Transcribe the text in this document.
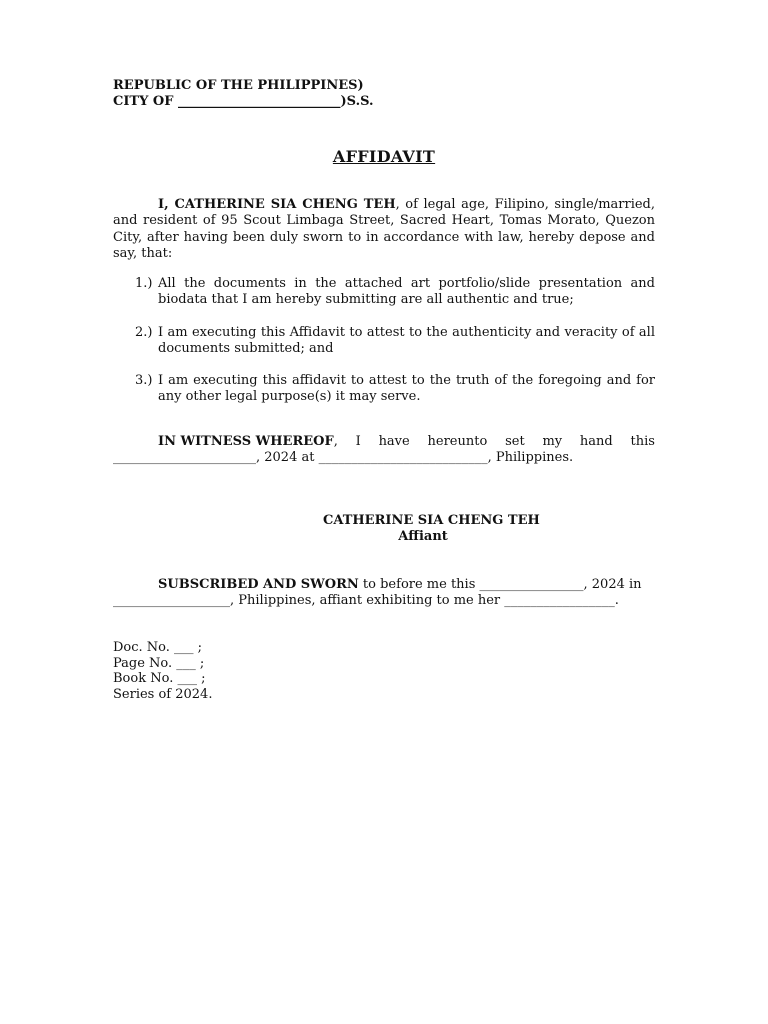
REPUBLIC OF THE PHILIPPINES)
CITY OF _________________________)S.S.
AFFIDAVIT
I, CATHERINE SIA CHENG TEH, of legal age, Filipino, single/married, and resident of 95 Scout Limbaga Street, Sacred Heart, Tomas Morato, Quezon City, after having been duly sworn to in accordance with law, hereby depose and say, that:
1.) All the documents in the attached art portfolio/slide presentation and biodata that I am hereby submitting are all authentic and true;
2.) I am executing this Affidavit to attest to the authenticity and veracity of all documents submitted; and
3.) I am executing this affidavit to attest to the truth of the foregoing and for any other legal purpose(s) it may serve.
IN WITNESS WHEREOF, I have hereunto set my hand this
______________________, 2024 at __________________________, Philippines.
CATHERINE SIA CHENG TEH
Affiant
SUBSCRIBED AND SWORN to before me this ________________, 2024 in
__________________, Philippines, affiant exhibiting to me her _________________.
Doc. No. ___ ;
Page No. ___ ;
Book No. ___ ;
Series of 2024.
